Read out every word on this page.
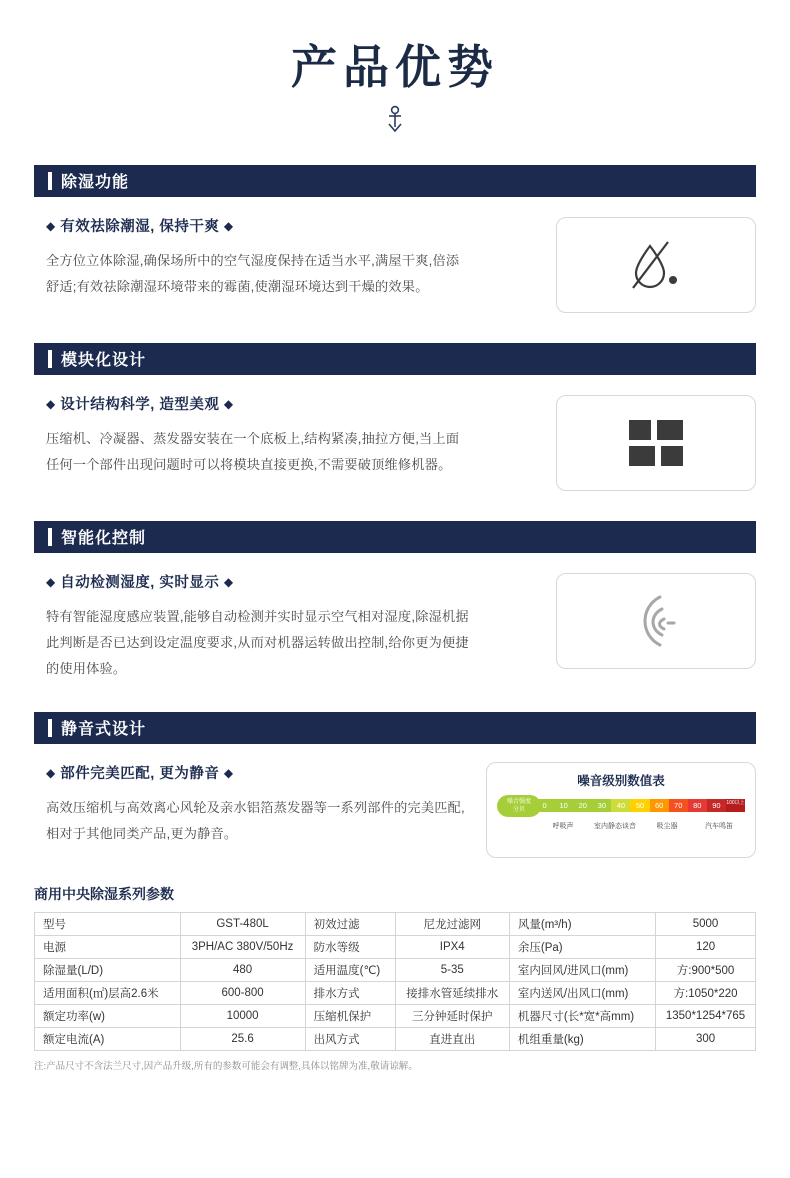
产品优势
除湿功能
◆ 有效祛除潮湿, 保持干爽 ◆
全方位立体除湿,确保场所中的空气湿度保持在适当水平,满屋干爽,倍添舒适;有效祛除潮湿环境带来的霉菌,使潮湿环境达到干燥的效果。
模块化设计
◆ 设计结构科学, 造型美观 ◆
压缩机、冷凝器、蒸发器安装在一个底板上,结构紧凑,抽拉方便,当上面任何一个部件出现问题时可以将模块直接更换,不需要破顶维修机器。
智能化控制
◆ 自动检测湿度, 实时显示 ◆
特有智能湿度感应装置,能够自动检测并实时显示空气相对湿度,除湿机据此判断是否已达到设定温度要求,从而对机器运转做出控制,给你更为便捷的使用体验。
静音式设计
◆ 部件完美匹配, 更为静音 ◆
高效压缩机与高效离心风轮及亲水铝箔蒸发器等一系列部件的完美匹配,相对于其他同类产品,更为静音。
噪音级别数值表
噪音强度
分贝	0	10	20	30	40	50	60	70	80	90	100以上
呼吸声	室内静态谈音	吸尘器	汽车鸣笛
商用中央除湿系列参数
型号	GST-480L	初效过滤	尼龙过滤网	风量(m³/h)	5000
电源	3PH/AC 380V/50Hz	防水等级	IPX4	余压(Pa)	120
除湿量(L/D)	480	适用温度(℃)	5-35	室内回风/进风口(mm)	方:900*500
适用面积(㎡)层高2.6米	600-800	排水方式	接排水管延续排水	室内送风/出风口(mm)	方:1050*220
额定功率(w)	10000	压缩机保护	三分钟延时保护	机器尺寸(长*宽*高mm)	1350*1254*765
额定电流(A)	25.6	出风方式	直进直出	机组重量(kg)	300
注:产品尺寸不含法兰尺寸,因产品升级,所有的参数可能会有调整,具体以铭牌为准,敬请谅解。
